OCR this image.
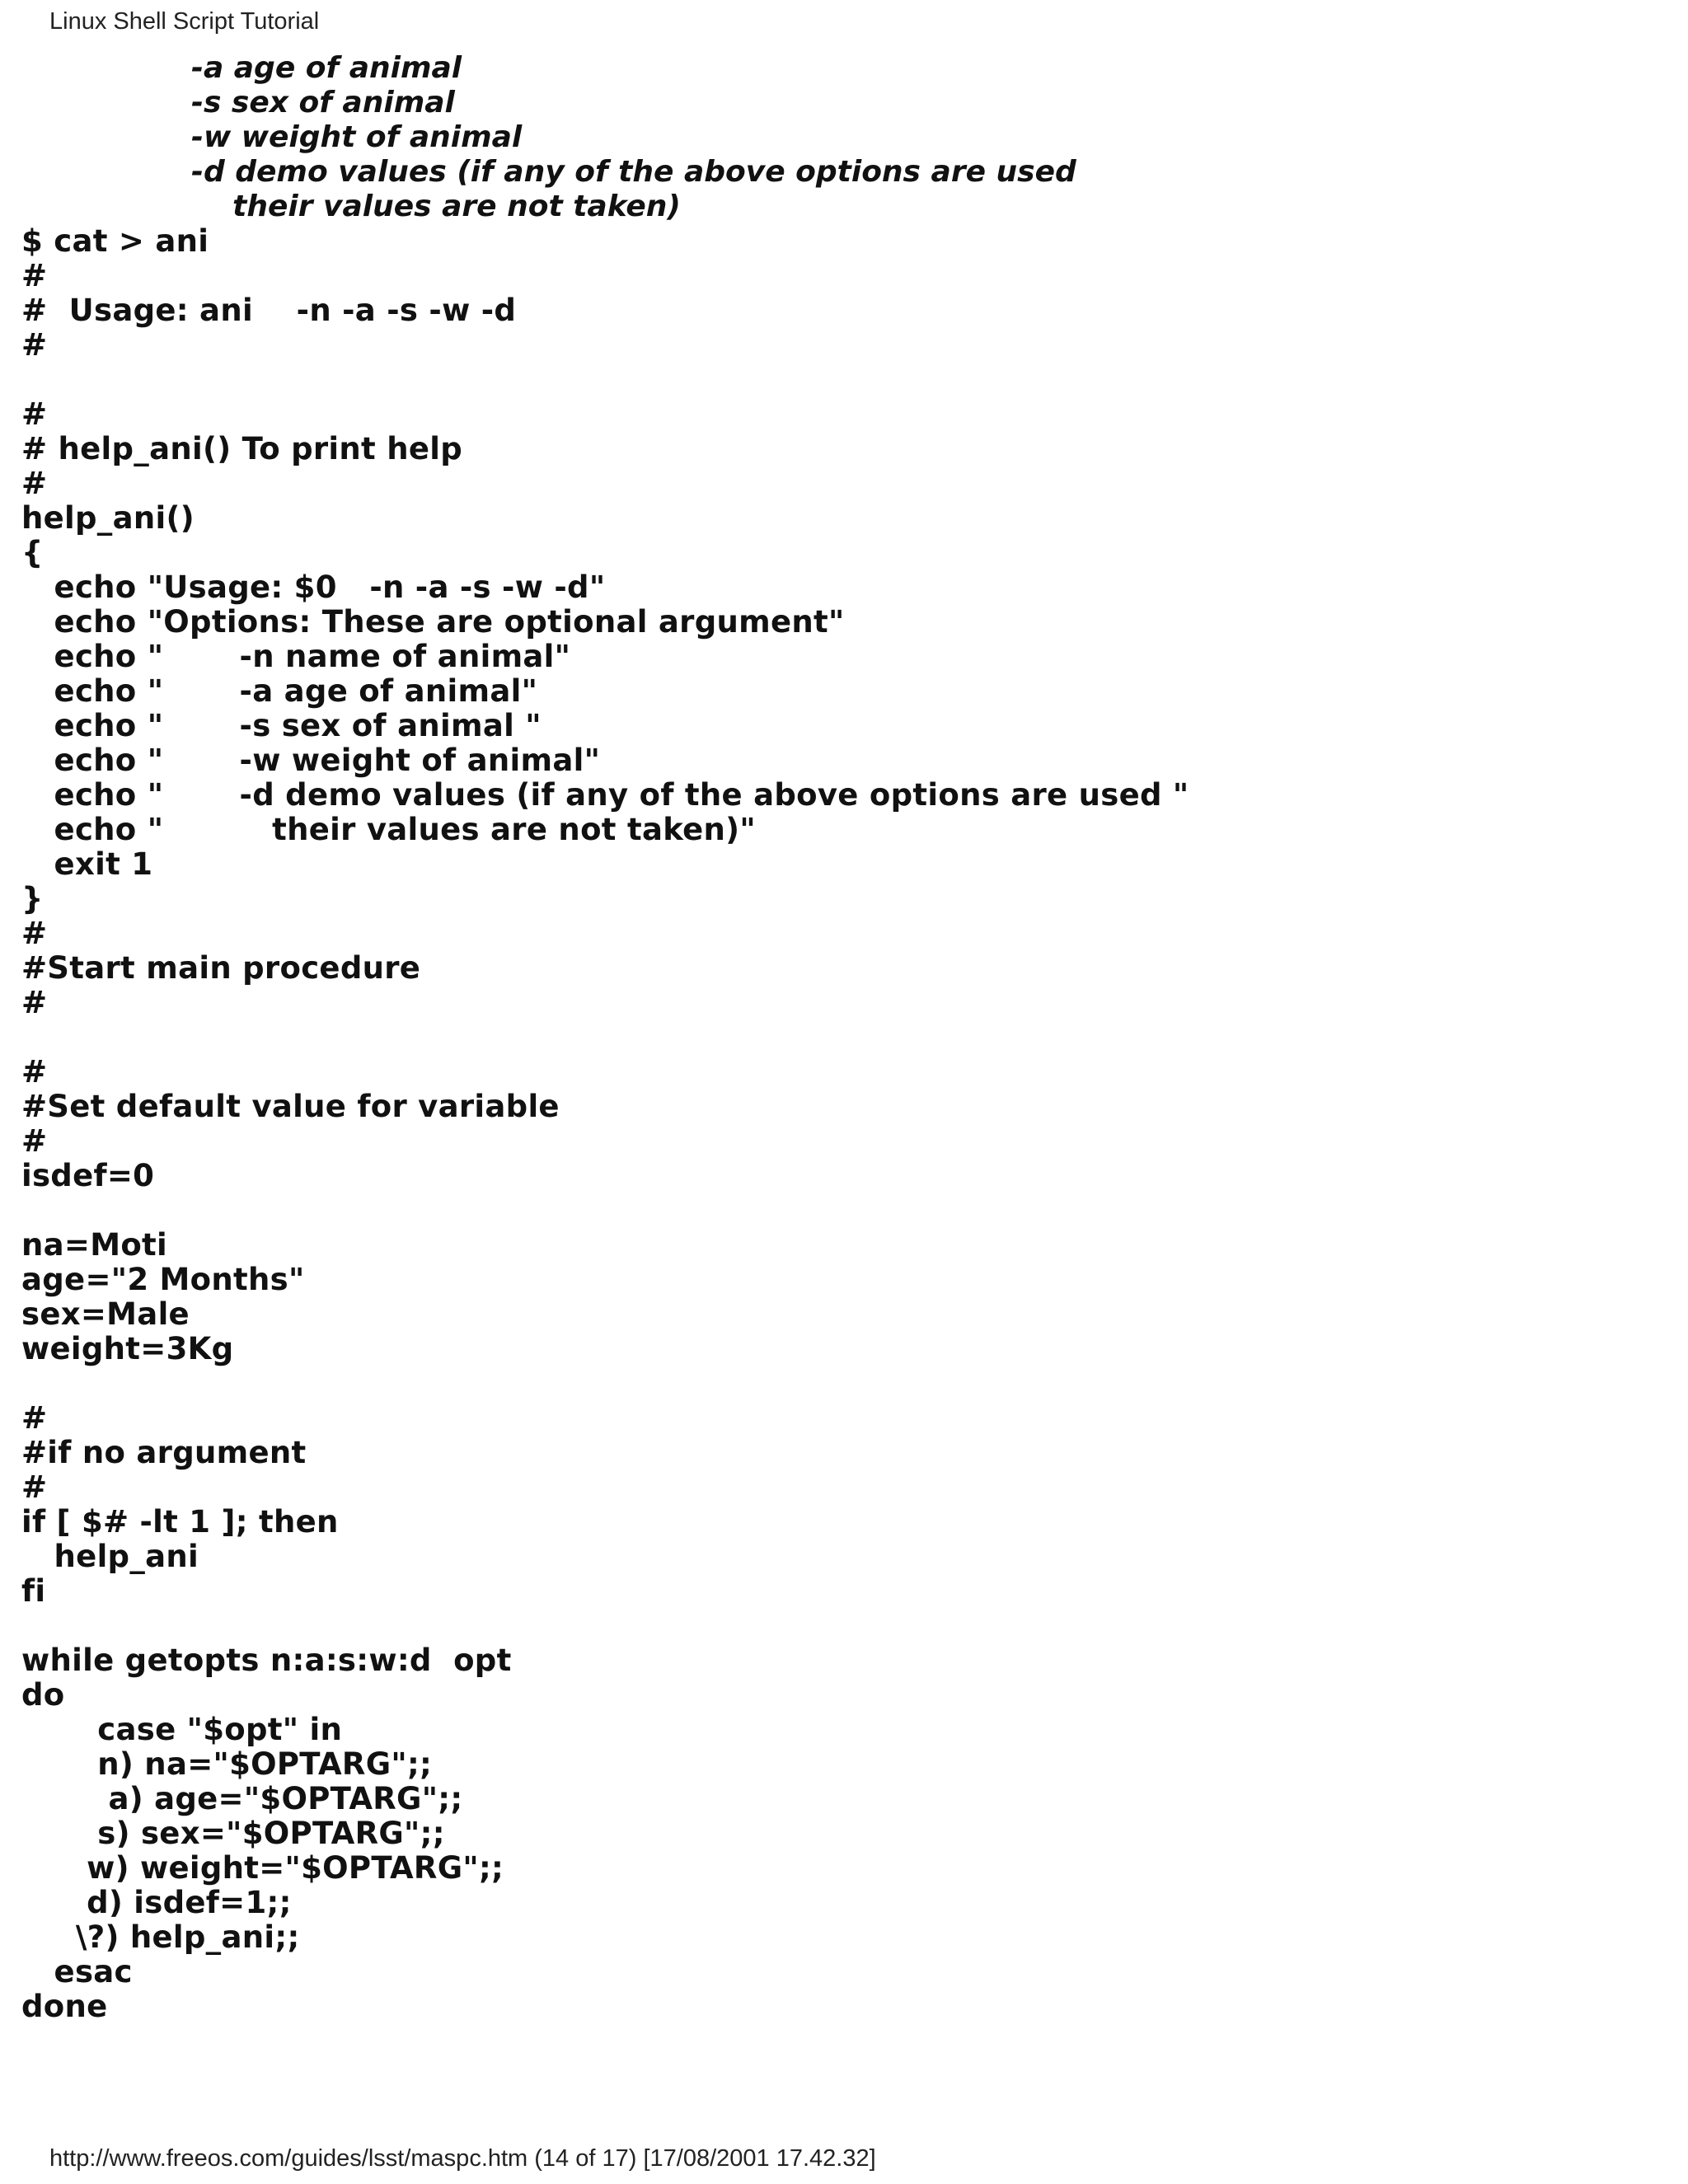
Linux Shell Script Tutorial
-a age of animal
-s sex of animal
-w weight of animal
-d demo values (if any of the above options are used
their values are not taken)
$ cat > ani
#
#  Usage: ani    -n -a -s -w -d
#
#
# help_ani() To print help
#
help_ani()
{
echo "Usage: $0   -n -a -s -w -d"
echo "Options: These are optional argument"
echo "       -n name of animal"
echo "       -a age of animal"
echo "       -s sex of animal "
echo "       -w weight of animal"
echo "       -d demo values (if any of the above options are used "
echo "          their values are not taken)"
exit 1
}
#
#Start main procedure
#
#
#Set default value for variable
#
isdef=0
na=Moti
age="2 Months"
sex=Male
weight=3Kg
#
#if no argument
#
if [ $# -lt 1 ]; then
help_ani
fi
while getopts n:a:s:w:d  opt
do
case "$opt" in
n) na="$OPTARG";;
a) age="$OPTARG";;
s) sex="$OPTARG";;
w) weight="$OPTARG";;
d) isdef=1;;
\?) help_ani;;
esac
done
http://www.freeos.com/guides/lsst/maspc.htm (14 of 17) [17/08/2001 17.42.32]
